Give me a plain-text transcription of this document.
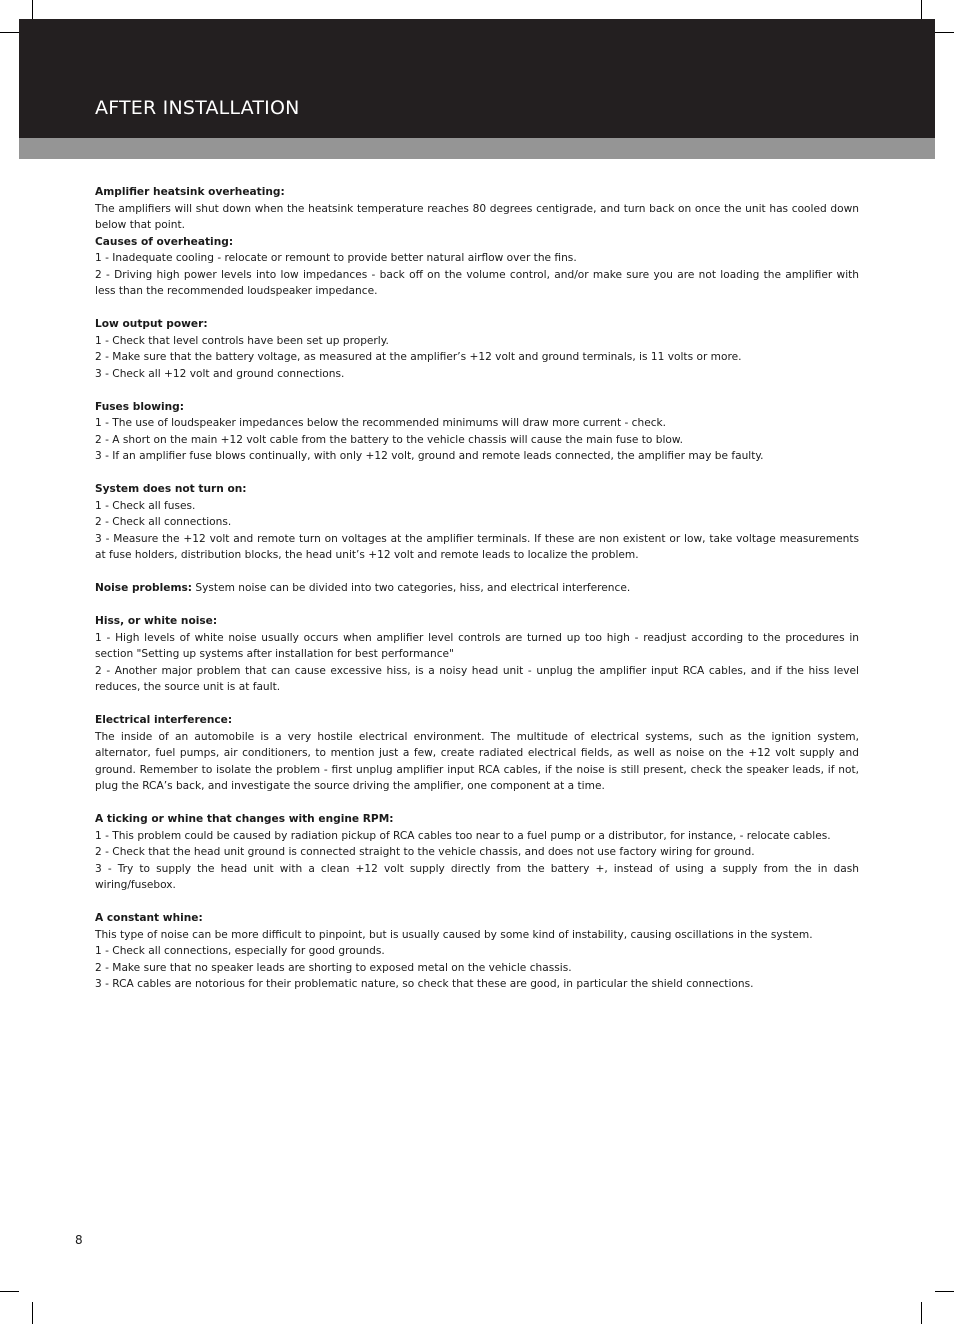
AFTER INSTALLATION

Amplifier heatsink overheating:

The amplifiers will shut down when the heatsink temperature reaches 80 degrees centigrade, and turn back on once the unit has cooled down below that point.

Causes of overheating:

1 - Inadequate cooling - relocate or remount to provide better natural airflow over the fins.

2 - Driving high power levels into low impedances - back off on the volume control, and/or make sure you are not loading the amplifier with less than the recommended loudspeaker impedance.

Low output power:

1 - Check that level controls have been set up properly.

2 - Make sure that the battery voltage, as measured at the amplifier’s +12 volt and ground terminals, is 11 volts or more.

3 - Check all +12 volt and ground connections.

Fuses blowing:

1 - The use of loudspeaker impedances below the recommended minimums will draw more current - check.

2 - A short on the main +12 volt cable from the battery to the vehicle chassis will cause the main fuse to blow.

3 - If an amplifier fuse blows continually, with only +12 volt, ground and remote leads connected, the amplifier may be faulty.

System does not turn on:

1 - Check all fuses.

2 - Check all connections.

3 - Measure the +12 volt and remote turn on voltages at the amplifier terminals. If these are non existent or low, take voltage measurements at fuse holders, distribution blocks, the head unit’s +12 volt and remote leads to localize the problem.

Noise problems: System noise can be divided into two categories, hiss, and electrical interference.

Hiss, or white noise:

1 - High levels of white noise usually occurs when amplifier level controls are turned up too high - readjust according to the procedures in section "Setting up systems after installation for best performance"

2 - Another major problem that can cause excessive hiss, is a noisy head unit - unplug the amplifier input RCA cables, and if the hiss level reduces, the source unit is at fault.

Electrical interference:

The inside of an automobile is a very hostile electrical environment. The multitude of electrical systems, such as the ignition system, alternator, fuel pumps, air conditioners, to mention just a few, create radiated electrical fields, as well as noise on the +12 volt supply and ground. Remember to isolate the problem - first unplug amplifier input RCA cables, if the noise is still present, check the speaker leads, if not, plug the RCA’s back, and investigate the source driving the amplifier, one component at a time.

A ticking or whine that changes with engine RPM:

1 - This problem could be caused by radiation pickup of RCA cables too near to a fuel pump or a distributor, for instance, - relocate cables.

2 - Check that the head unit ground is connected straight to the vehicle chassis, and does not use factory wiring for ground.

3 - Try to supply the head unit with a clean +12 volt supply directly from the battery +, instead of using a supply from the in dash wiring/fusebox.

A constant whine:

This type of noise can be more difficult to pinpoint, but is usually caused by some kind of instability, causing oscillations in the system.

1 - Check all connections, especially for good grounds.

2 - Make sure that no speaker leads are shorting to exposed metal on the vehicle chassis.

3 - RCA cables are notorious for their problematic nature, so check that these are good, in particular the shield connections.

8
